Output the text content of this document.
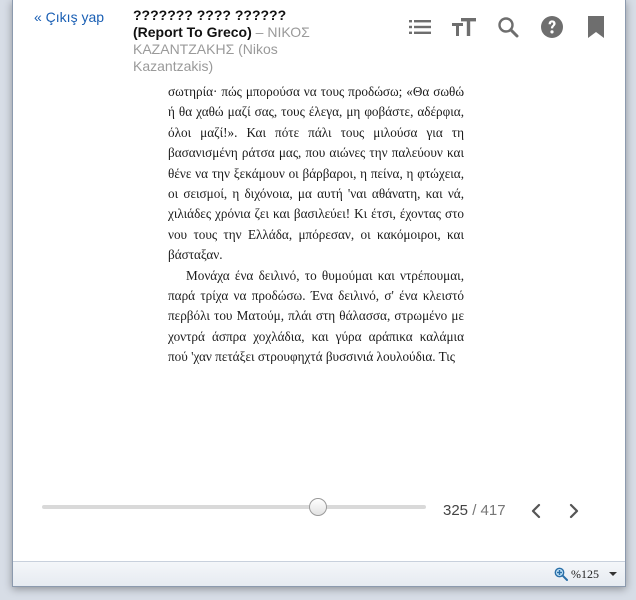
« Çıkış yap ??????? ???? ??????
(Report To Greco) – ΝΙΚΟΣ ΚΑΖΑΝΤΖΑΚΗΣ (Nikos Kazantzakis)

σωτηρία· πώς μπορούσα να τους προδώσω; «Θα σωθώ ή θα χαθώ μαζί σας, τους έλεγα, μη φοβάστε, αδέρφια, όλοι μαζί!». Και πότε πάλι τους μιλούσα για τη βασανισμένη ράτσα μας, που αιώνες την παλεύουν και θένε να την ξεκάμουν οι βάρβαροι, η πείνα, η φτώχεια, οι σεισμοί, η διχόνοια, μα αυτή 'ναι αθάνατη, και νά, χιλιάδες χρόνια ζει και βασιλεύει! Κι έτσι, έχοντας στο νου τους την Ελλάδα, μπόρεσαν, οι κακόμοιροι, και βάσταξαν.

Μονάχα ένα δειλινό, το θυμούμαι και ντρέπουμαι, παρά τρίχα να προδώσω. Ένα δειλινό, σ' ένα κλειστό περβόλι του Ματούμ, πλάι στη θάλασσα, στρωμένο με χοντρά άσπρα χοχλάδια, και γύρα αράπικα καλάμια πού 'χαν πετάξει στρουφηχτά βυσσινιά λουλούδια. Τις

325 / 417
%125
